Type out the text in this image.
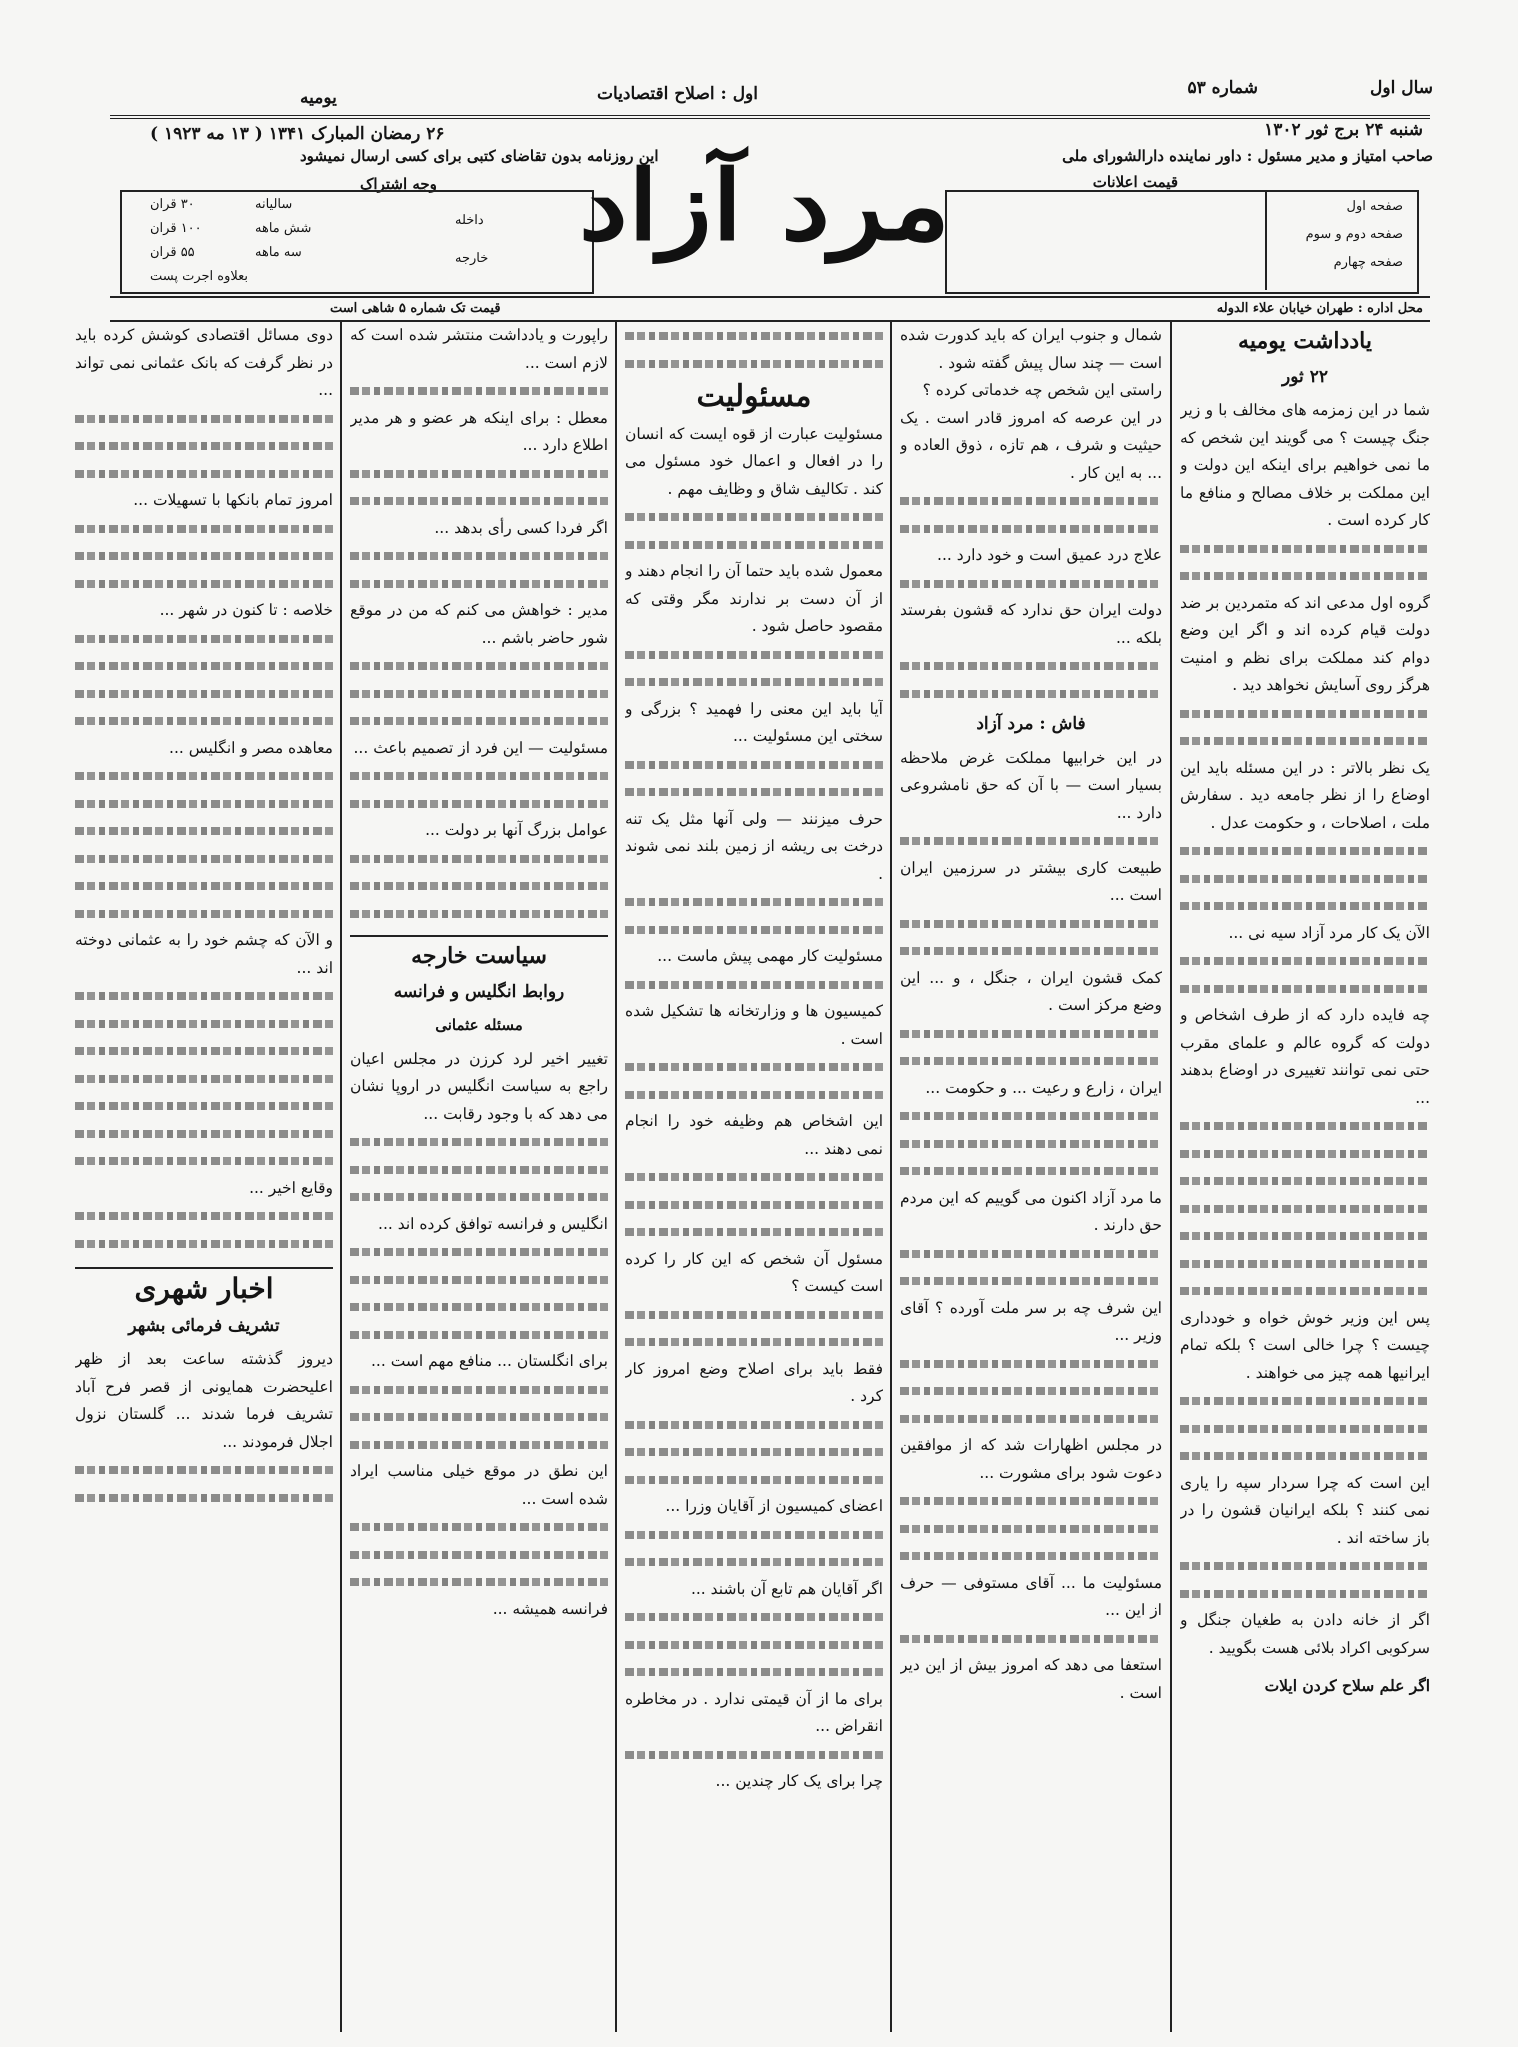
سال اول
شماره ۵۳
اول : اصلاح اقتصادیات
یومیه
شنبه ۲۴ برج ثور ۱۳۰۲
۲۶ رمضان المبارک ۱۳۴۱ ( ۱۳ مه ۱۹۲۳ )
صاحب امتیاز و مدیر مسئول : داور نماینده دارالشورای ملی
قیمت اعلانات
صفحه اول
صفحه دوم و سوم
صفحه چهارم
این روزنامه بدون تقاضای کتبی برای کسی ارسال نمیشود
وجه اشتراک
داخله
خارجه
سالیانه
شش ماهه
سه ماهه
۱۰۰ قران
۵۵ قران
۳۰ قران
بعلاوه اجرت پست
مرد آزاد
محل اداره : طهران خیابان علاء الدوله
قیمت تک شماره ۵ شاهی است
یادداشت یومیه
۲۲ ثور

شما در این زمزمه های مخالف با و زیر جنگ چیست ؟ می گویند این شخص که ما نمی خواهیم برای اینکه این دولت و این مملکت بر خلاف مصالح و منافع ما کار کرده است .

گروه اول مدعی اند که متمردین بر ضد دولت قیام کرده اند و اگر این وضع دوام کند مملکت برای نظم و امنیت هرگز روی آسایش نخواهد دید .

یک نظر بالاتر : در این مسئله باید این اوضاع را از نظر جامعه دید . سفارش ملت ، اصلاحات ، و حکومت عدل .

الآن یک کار مرد آزاد سیه نی ...

چه فایده دارد که از طرف اشخاص و دولت که گروه عالم و علمای مقرب حتی نمی توانند تغییری در اوضاع بدهند ...

پس این وزیر خوش خواه و خودداری چیست ؟ چرا خالی است ؟ بلکه تمام ایرانیها همه چیز می خواهند .

این است که چرا سردار سپه را یاری نمی کنند ؟ بلکه ایرانیان قشون را در باز ساخته اند .

اگر از خانه دادن به طغیان جنگل و سرکوبی اکراد بلائی هست بگویید .

اگر علم سلاح کردن ایلات

شمال و جنوب ایران که باید کدورت شده است — چند سال پیش گفته شود .

راستی این شخص چه خدماتی کرده ؟

در این عرصه که امروز قادر است . یک حیثیت و شرف ، هم تازه ، ذوق العاده و ... به این کار .

علاج درد عمیق است و خود دارد ...

دولت ایران حق ندارد که قشون بفرستد بلکه ...

فاش : مرد آزاد

در این خرابیها مملکت غرض ملاحظه بسیار است — با آن که حق نامشروعی دارد ...

طبیعت کاری بیشتر در سرزمین ایران است ...

کمک قشون ایران ، جنگل ، و ... این وضع مرکز است .

ایران ، زارع و رعیت ... و حکومت ...

ما مرد آزاد اکنون می گوییم که این مردم حق دارند .

این شرف چه بر سر ملت آورده ؟ آقای وزیر ...

در مجلس اظهارات شد که از موافقین دعوت شود برای مشورت ...

مسئولیت ما ... آقای مستوفی — حرف از این ...

استعفا می دهد که امروز بیش از این دیر است .

مسئولیت

مسئولیت عبارت از قوه ایست که انسان را در افعال و اعمال خود مسئول می کند . تکالیف شاق و وظایف مهم .

معمول شده باید حتما آن را انجام دهند و از آن دست بر ندارند مگر وقتی که مقصود حاصل شود .

آیا باید این معنی را فهمید ؟ بزرگی و سختی این مسئولیت ...

حرف میزنند — ولی آنها مثل یک تنه درخت بی ریشه از زمین بلند نمی شوند .

مسئولیت کار مهمی پیش ماست ...

کمیسیون ها و وزارتخانه ها تشکیل شده است .

این اشخاص هم وظیفه خود را انجام نمی دهند ...

مسئول آن شخص که این کار را کرده است کیست ؟

فقط باید برای اصلاح وضع امروز کار کرد .

اعضای کمیسیون از آقایان وزرا ...

اگر آقایان هم تابع آن باشند ...

برای ما از آن قیمتی ندارد . در مخاطره انقراض ...

چرا برای یک کار چندین ...

راپورت و یادداشت منتشر شده است که لازم است ...

معطل : برای اینکه هر عضو و هر مدیر اطلاع دارد ...

اگر فردا کسی رأی بدهد ...

مدیر : خواهش می کنم که من در موقع شور حاضر باشم ...

مسئولیت — این فرد از تصمیم باعث ...

عوامل بزرگ آنها بر دولت ...

سیاست خارجه
روابط انگلیس و فرانسه
مسئله عثمانی

تغییر اخیر لرد کرزن در مجلس اعیان راجع به سیاست انگلیس در اروپا نشان می دهد که با وجود رقابت ...

انگلیس و فرانسه توافق کرده اند ...

برای انگلستان ... منافع مهم است ...

این نطق در موقع خیلی مناسب ایراد شده است ...

فرانسه همیشه ...

دوی مسائل اقتصادی کوشش کرده باید در نظر گرفت که بانک عثمانی نمی تواند ...

امروز تمام بانکها با تسهیلات ...

خلاصه : تا کنون در شهر ...

معاهده مصر و انگلیس ...

و الآن که چشم خود را به عثمانی دوخته اند ...

وقایع اخیر ...

اخبار شهری
تشریف فرمائی بشهر

دیروز گذشته ساعت بعد از ظهر اعلیحضرت همایونی از قصر فرح آباد تشریف فرما شدند ... گلستان نزول اجلال فرمودند ...
